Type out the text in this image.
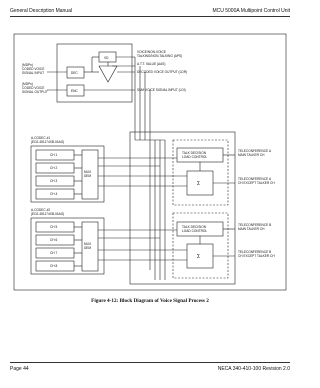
General Description Manual	MCU 5000A Multipoint Control Unit
(MDPn)
CODED VOICE
SIGNAL INPUT
(MDPn)
CODED VOICE
SIGNAL OUTPUT
VD
DEC
ENC
VOICE/NON-VOICE
TALKING/NON-TALKING (APS)
A.T.T. VALUE (AAS)
DECODED VOICE OUTPUT (LDR)
SUM VOICE SIGNAL INPUT (LDI)
A-CODEC #1
(ED2-451174XB-04AG)
A-CODEC #2
(ED2-451174XB-04AG)
CH 1
CH 2
CH 3
CH 4
CH 5
CH 6
CH 7
CH 8
MUX
DEM
MUX
DEM
TALK DECISION
LOAD CONTROL
TALK DECISION
LOAD CONTROL
TELECONFERENCE A
MAIN TALKER CH
TELECONFERENCE A
CH EXCEPT TALKER CH
TELECONFERENCE B
MAIN TALKER CH
TELECONFERENCE B
CH EXCEPT TALKER CH
Σ
Σ
Figure 4-12: Block Diagram of Voice Signal Process 2
Page 44	NECA 340-410-100 Revision 2.0
